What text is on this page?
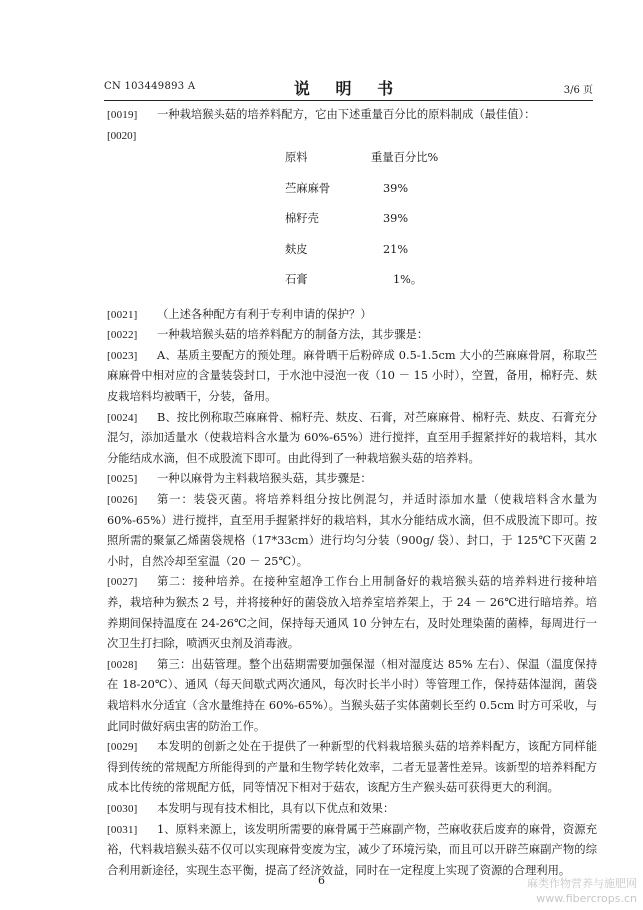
CN 103449893 A	说 明 书	3/6 页
[0019]	一种栽培猴头菇的培养料配方，它由下述重量百分比的原料制成（最佳值）：
[0020]
原料	重量百分比%
苎麻麻骨	39%
棉籽壳	39%
麸皮	21%
石膏	1%。
[0021]	（上述各种配方有利于专利申请的保护？）
[0022]	一种栽培猴头菇的培养料配方的制备方法，其步骤是：
[0023]	A、基质主要配方的预处理。麻骨晒干后粉碎成 0.5-1.5cm 大小的苎麻麻骨屑，称取苎麻麻骨中相对应的含量装袋封口，于水池中浸泡一夜（10 － 15 小时），空置，备用，棉籽壳、麸皮栽培料均被晒干，分装，备用。
[0024]	B、按比例称取苎麻麻骨、棉籽壳、麸皮、石膏，对苎麻麻骨、棉籽壳、麸皮、石膏充分混匀，添加适量水（使栽培料含水量为 60%-65%）进行搅拌，直至用手握紧拌好的栽培料，其水分能结成水滴，但不成股流下即可。由此得到了一种栽培猴头菇的培养料。
[0025]	一种以麻骨为主料栽培猴头菇，其步骤是：
[0026]	第一：装袋灭菌。将培养料组分按比例混匀，并适时添加水量（使栽培料含水量为 60%-65%）进行搅拌，直至用手握紧拌好的栽培料，其水分能结成水滴，但不成股流下即可。按照所需的聚氯乙烯菌袋规格（17*33cm）进行均匀分装（900g/ 袋）、封口，于 125℃下灭菌 2 小时，自然冷却至室温（20 － 25℃）。
[0027]	第二：接种培养。在接种室超净工作台上用制备好的栽培猴头菇的培养料进行接种培养，栽培种为猴杰 2 号，并将接种好的菌袋放入培养室培养架上，于 24 － 26℃进行暗培养。培养期间保持温度在 24-26℃之间，保持每天通风 10 分钟左右，及时处理染菌的菌棒，每周进行一次卫生打扫除，喷洒灭虫剂及消毒液。
[0028]	第三：出菇管理。整个出菇期需要加强保湿（相对湿度达 85% 左右）、保温（温度保持在 18-20℃）、通风（每天间歇式两次通风，每次时长半小时）等管理工作，保持菇体湿润，菌袋栽培料水分适宜（含水量维持在 60%-65%）。当猴头菇子实体菌刺长至约 0.5cm 时方可采收，与此同时做好病虫害的防治工作。
[0029]	本发明的创新之处在于提供了一种新型的代料栽培猴头菇的培养料配方，该配方同样能得到传统的常规配方所能得到的产量和生物学转化效率，二者无显著性差异。该新型的培养料配方成本比传统的常规配方低，同等情况下相对于菇农，该配方生产猴头菇可获得更大的利润。
[0030]	本发明与现有技术相比，具有以下优点和效果：
[0031]	1、原料来源上，该发明所需要的麻骨属于苎麻副产物，苎麻收获后废弃的麻骨，资源充裕，代料栽培猴头菇不仅可以实现麻骨变废为宝，减少了环境污染，而且可以开辟苎麻副产物的综合利用新途径，实现生态平衡，提高了经济效益，同时在一定程度上实现了资源的合理利用。
6	麻类作物营养与施肥网
www.fibercrops.cn
